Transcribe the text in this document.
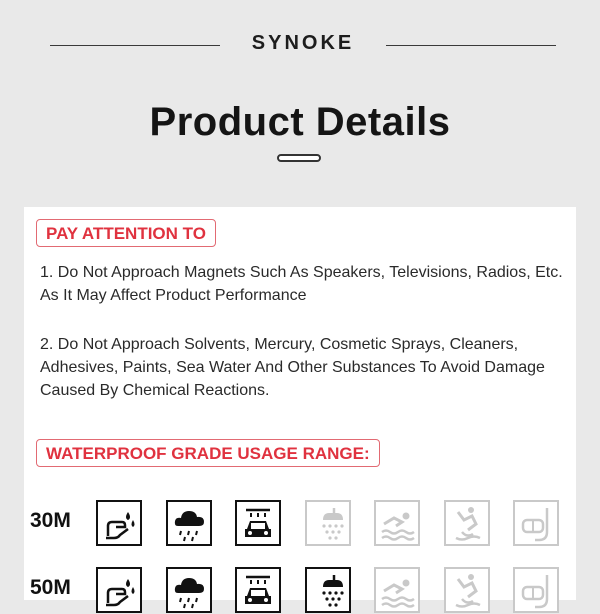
SYNOKE
Product Details
PAY ATTENTION TO
1. Do Not Approach Magnets Such As Speakers, Televisions, Radios, Etc. As It May Affect Product Performance
2. Do Not Approach Solvents, Mercury, Cosmetic Sprays, Cleaners, Adhesives, Paints, Sea Water And Other Substances To Avoid Damage Caused By Chemical Reactions.
WATERPROOF GRADE USAGE RANGE:
30M
50M
